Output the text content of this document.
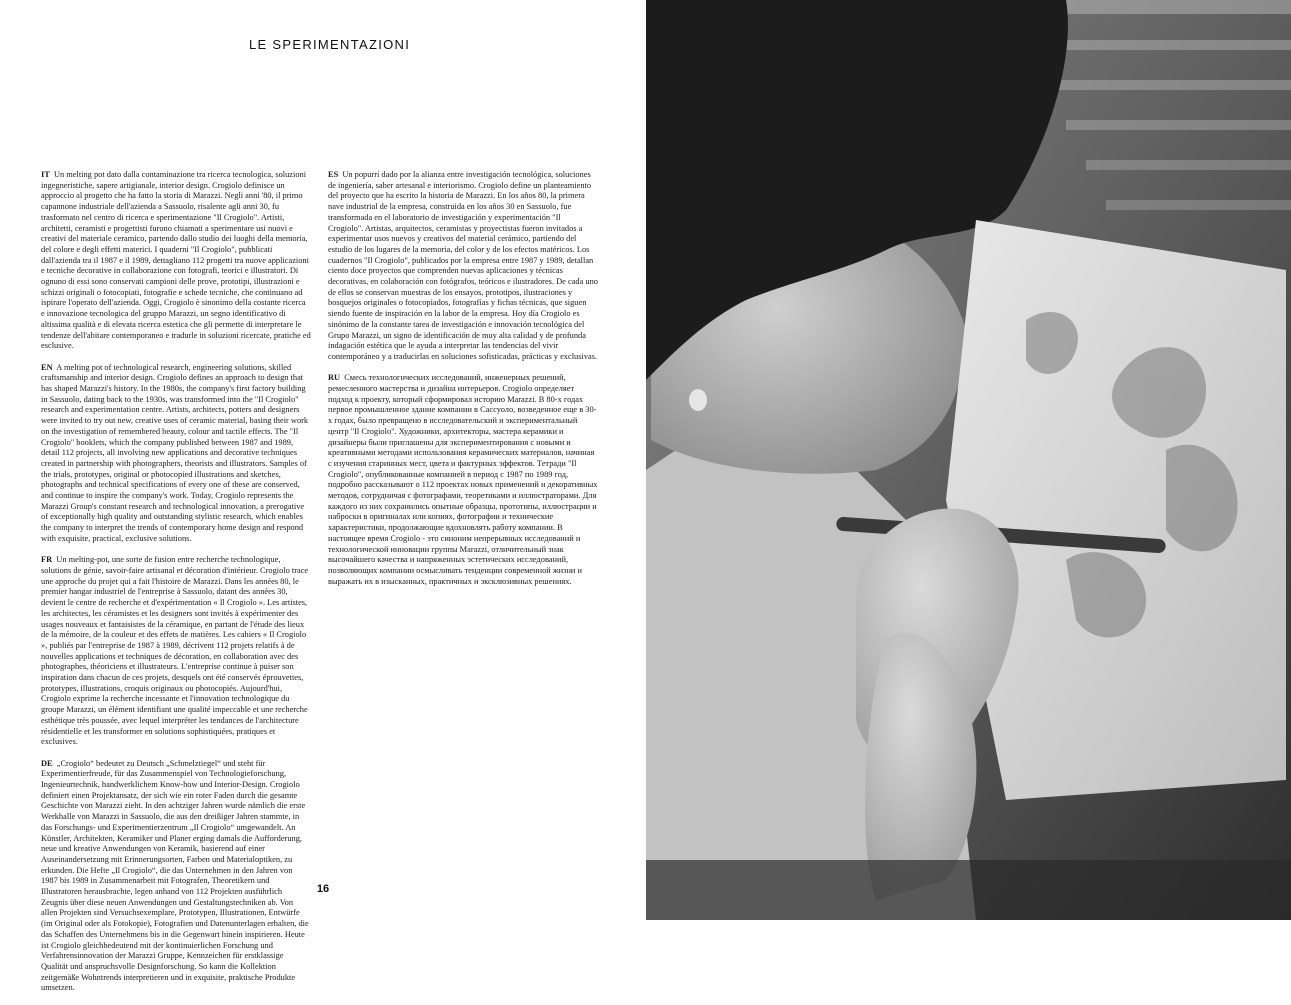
LE SPERIMENTAZIONI

IT Un melting pot dato dalla contaminazione tra ricerca tecnologica, soluzioni ingegneristiche, sapere artigianale, interior design. Crogiolo definisce un approccio al progetto che ha fatto la storia di Marazzi. Negli anni '80, il primo capannone industriale dell'azienda a Sassuolo, risalente agli anni 30, fu trasformato nel centro di ricerca e sperimentazione "Il Crogiolo". Artisti, architetti, ceramisti e progettisti furono chiamati a sperimentare usi nuovi e creativi del materiale ceramico, partendo dallo studio dei luoghi della memoria, del colore e degli effetti materici. I quaderni "Il Crogiolo", pubblicati dall'azienda tra il 1987 e il 1989, dettagliano 112 progetti tra nuove applicazioni e tecniche decorative in collaborazione con fotografi, teorici e illustratori. Di ognuno di essi sono conservati campioni delle prove, prototipi, illustrazioni e schizzi originali o fotocopiati, fotografie e schede tecniche, che continuano ad ispirare l'operato dell'azienda. Oggi, Crogiolo è sinonimo della costante ricerca e innovazione tecnologica del gruppo Marazzi, un segno identificativo di altissima qualità e di elevata ricerca estetica che gli permette di interpretare le tendenze dell'abitare contemporaneo e tradurle in soluzioni ricercate, pratiche ed esclusive.

EN A melting pot of technological research, engineering solutions, skilled craftsmanship and interior design. Crogiolo defines an approach to design that has shaped Marazzi's history. In the 1980s, the company's first factory building in Sassuolo, dating back to the 1930s, was transformed into the "Il Crogiolo" research and experimentation centre. Artists, architects, potters and designers were invited to try out new, creative uses of ceramic material, basing their work on the investigation of remembered beauty, colour and tactile effects. The "Il Crogiolo" booklets, which the company published between 1987 and 1989, detail 112 projects, all involving new applications and decorative techniques created in partnership with photographers, theorists and illustrators. Samples of the trials, prototypes, original or photocopied illustrations and sketches, photographs and technical specifications of every one of these are conserved, and continue to inspire the company's work. Today, Crogiolo represents the Marazzi Group's constant research and technological innovation, a prerogative of exceptionally high quality and outstanding stylistic research, which enables the company to interpret the trends of contemporary home design and respond with exquisite, practical, exclusive solutions.

FR Un melting-pot, une sorte de fusion entre recherche technologique, solutions de génie, savoir-faire artisanal et décoration d'intérieur. Crogiolo trace une approche du projet qui a fait l'histoire de Marazzi. Dans les années 80, le premier hangar industriel de l'entreprise à Sassuolo, datant des années 30, devient le centre de recherche et d'expérimentation « Il Crogiolo ». Les artistes, les architectes, les céramistes et les designers sont invités à expérimenter des usages nouveaux et fantaisistes de la céramique, en partant de l'étude des lieux de la mémoire, de la couleur et des effets de matières. Les cahiers « Il Crogiolo », publiés par l'entreprise de 1987 à 1989, décrivent 112 projets relatifs à de nouvelles applications et techniques de décoration, en collaboration avec des photographes, théoriciens et illustrateurs. L'entreprise continue à puiser son inspiration dans chacun de ces projets, desquels ont été conservés éprouvettes, prototypes, illustrations, croquis originaux ou photocopiés. Aujourd'hui, Crogiolo exprime la recherche incessante et l'innovation technologique du groupe Marazzi, un élément identifiant une qualité impeccable et une recherche esthétique très poussée, avec lequel interpréter les tendances de l'architecture résidentielle et les transformer en solutions sophistiquées, pratiques et exclusives.

DE „Crogiolo“ bedeutet zu Deutsch „Schmelztiegel“ und steht für Experimentierfreude, für das Zusammenspiel von Technologieforschung, Ingenieurtechnik, handwerklichem Know-how und Interior-Design. Crogiolo definiert einen Projektansatz, der sich wie ein roter Faden durch die gesamte Geschichte von Marazzi zieht. In den achtziger Jahren wurde nämlich die erste Werkhalle von Marazzi in Sassuolo, die aus den dreißiger Jahren stammte, in das Forschungs- und Experimentierzentrum „Il Crogiolo“ umgewandelt. An Künstler, Architekten, Keramiker und Planer erging damals die Aufforderung, neue und kreative Anwendungen von Keramik, basierend auf einer Auseinandersetzung mit Erinnerungsorten, Farben und Materialoptiken, zu erkunden. Die Hefte „Il Crogiolo“, die das Unternehmen in den Jahren von 1987 bis 1989 in Zusammenarbeit mit Fotografen, Theoretikern und Illustratoren herausbrachte, legen anhand von 112 Projekten ausführlich Zeugnis über diese neuen Anwendungen und Gestaltungstechniken ab. Von allen Projekten sind Versuchsexemplare, Prototypen, Illustrationen, Entwürfe (im Original oder als Fotokopie), Fotografien und Datenunterlagen erhalten, die das Schaffen des Unternehmens bis in die Gegenwart hinein inspirieren. Heute ist Crogiolo gleichbedeutend mit der kontinuierlichen Forschung und Verfahrensinnovation der Marazzi Gruppe, Kennzeichen für erstklassige Qualität und anspruchsvolle Designforschung. So kann die Kollektion zeitgemäße Wohntrends interpretieren und in exquisite, praktische Produkte umsetzen.

ES Un popurrí dado por la alianza entre investigación tecnológica, soluciones de ingeniería, saber artesanal e interiorismo. Crogiolo define un planteamiento del proyecto que ha escrito la historia de Marazzi. En los años 80, la primera nave industrial de la empresa, construida en los años 30 en Sassuolo, fue transformada en el laboratorio de investigación y experimentación "Il Crogiolo". Artistas, arquitectos, ceramistas y proyectistas fueron invitados a experimentar usos nuevos y creativos del material cerámico, partiendo del estudio de los lugares de la memoria, del color y de los efectos matéricos. Los cuadernos "Il Crogiolo", publicados por la empresa entre 1987 y 1989, detallan ciento doce proyectos que comprenden nuevas aplicaciones y técnicas decorativas, en colaboración con fotógrafos, teóricos e ilustradores. De cada uno de ellos se conservan muestras de los ensayos, prototipos, ilustraciones y bosquejos originales o fotocopiados, fotografías y fichas técnicas, que siguen siendo fuente de inspiración en la labor de la empresa. Hoy día Crogiolo es sinónimo de la constante tarea de investigación e innovación tecnológica del Grupo Marazzi, un signo de identificación de muy alta calidad y de profunda indagación estética que le ayuda a interpretar las tendencias del vivir contemporáneo y a traducirlas en soluciones sofisticadas, prácticas y exclusivas.

RU Смесь технологических исследований, инженерных решений, ремесленного мастерства и дизайна интерьеров. Crogiolo определяет подход к проекту, который сформировал историю Marazzi. В 80-х годах первое промышленное здание компании в Сассуоло, возведенное еще в 30-х годах, было превращено в исследовательский и экспериментальный центр "Il Crogiolo". Художники, архитекторы, мастера керамики и дизайнеры были приглашены для экспериментирования с новыми и креативными методами использования керамических материалов, начиная с изучения старинных мест, цвета и фактурных эффектов. Тетради "Il Crogiolo", опубликованные компанией в период с 1987 по 1989 год, подробно рассказывают о 112 проектах новых применений и декоративных методов, сотрудничая с фотографами, теоретиками и иллюстраторами. Для каждого из них сохранились опытные образцы, прототипы, иллюстрации и наброски в оригиналах или копиях, фотографии и технические характеристики, продолжающие вдохновлять работу компании. В настоящее время Crogiolo - это синоним непрерывных исследований и технологической инновации группы Marazzi, отличительный знак высочайшего качества и напряженных эстетических исследований, позволяющих компании осмысливать тенденции современной жизни и выражать их в изысканных, практичных и эксклюзивных решениях.

16
